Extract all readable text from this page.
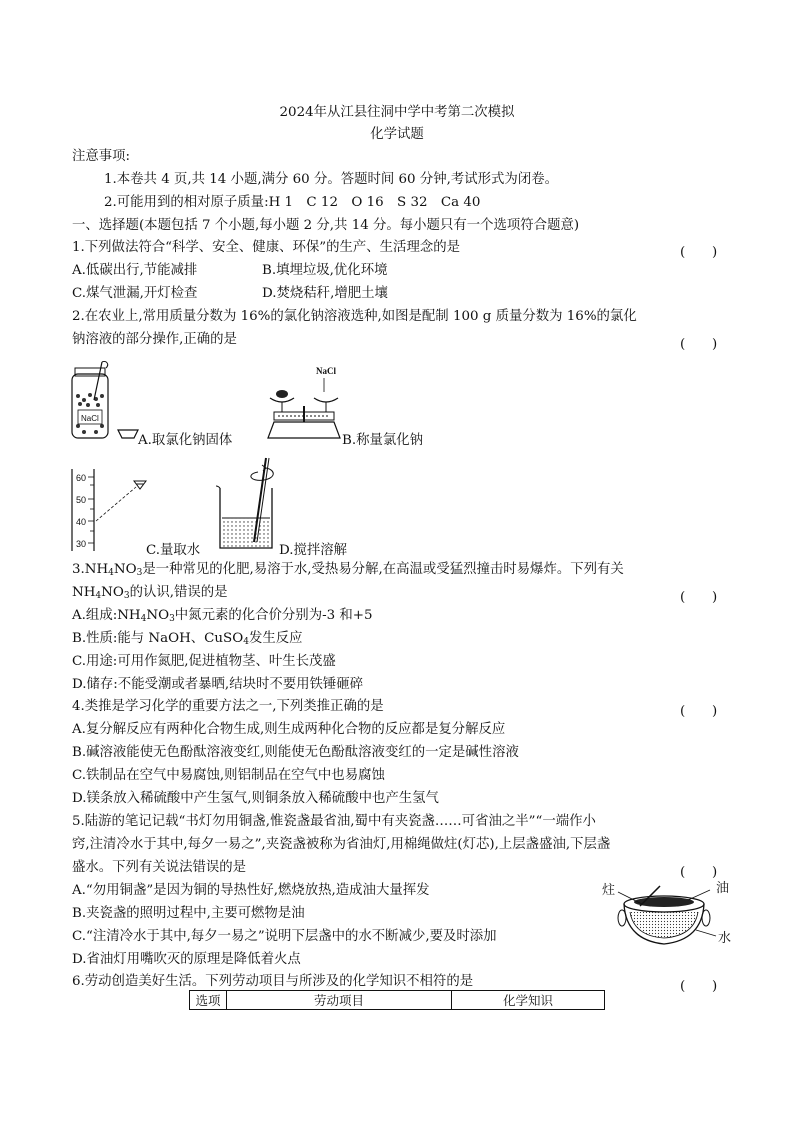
2024年从江县往洞中学中考第二次模拟
化学试题
注意事项:
1.本卷共 4 页,共 14 小题,满分 60 分。答题时间 60 分钟,考试形式为闭卷。
2.可能用到的相对原子质量:H 1　C 12　O 16　S 32　Ca 40
一、选择题(本题包括 7 个小题,每小题 2 分,共 14 分。每小题只有一个选项符合题意)
1.下列做法符合“科学、安全、健康、环保”的生产、生活理念的是	(　　)
A.低碳出行,节能减排	B.填埋垃圾,优化环境
C.煤气泄漏,开灯检查	D.焚烧秸秆,增肥土壤
2.在农业上,常用质量分数为 16%的氯化钠溶液选种,如图是配制 100 g 质量分数为 16%的氯化
钠溶液的部分操作,正确的是	(　　)
NaCl
A.取氯化钠固体
NaCl
B.称量氯化钠
60
50
40
30	C.量取水	D.搅拌溶解
$3.NH_4NO_3$是一种常见的化肥,易溶于水,受热易分解,在高温或受猛烈撞击时易爆炸。下列有关
$NH_4NO_3$的认识,错误的是	(　　)
A.组成$:NH_4NO_3$中氮元素的化合价分别为-3 和+5
B.性质:能与 NaOH、CuSO$_4$发生反应
C.用途:可用作氮肥,促进植物茎、叶生长茂盛
D.储存:不能受潮或者暴晒,结块时不要用铁锤砸碎
4.类推是学习化学的重要方法之一,下列类推正确的是	(　　)
A.复分解反应有两种化合物生成,则生成两种化合物的反应都是复分解反应
B.碱溶液能使无色酚酞溶液变红,则能使无色酚酞溶液变红的一定是碱性溶液
C.铁制品在空气中易腐蚀,则铝制品在空气中也易腐蚀
D.镁条放入稀硫酸中产生氢气,则铜条放入稀硫酸中也产生氢气
5.陆游的笔记记载“书灯勿用铜盏,惟瓷盏最省油,蜀中有夹瓷盏……可省油之半”“一端作小
窍,注清冷水于其中,每夕一易之”,夹瓷盏被称为省油灯,用棉绳做炷(灯芯),上层盏盛油,下层盏
盛水。下列有关说法错误的是	(　　)
A.“勿用铜盏”是因为铜的导热性好,燃烧放热,造成油大量挥发
B.夹瓷盏的照明过程中,主要可燃物是油
C.“注清冷水于其中,每夕一易之”说明下层盏中的水不断减少,要及时添加
D.省油灯用嘴吹灭的原理是降低着火点
炷	油
水
6.劳动创造美好生活。下列劳动项目与所涉及的化学知识不相符的是	(　　)
选项	劳动项目	化学知识
